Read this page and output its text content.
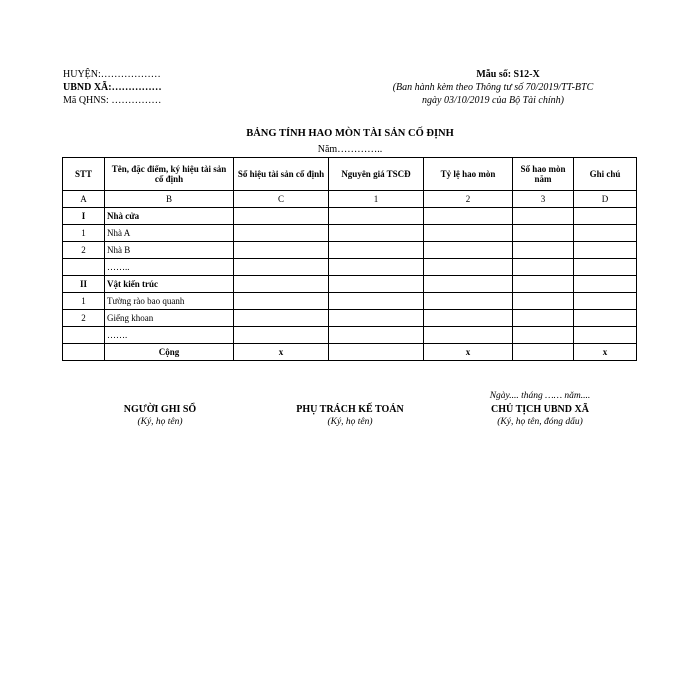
HUYỆN:………………
UBND XÃ:……………
Mã QHNS: ……………
Mẫu số: S12-X
(Ban hành kèm theo Thông tư số 70/2019/TT-BTC
ngày 03/10/2019 của Bộ Tài chính)
BẢNG TÍNH HAO MÒN TÀI SẢN CỐ ĐỊNH
Năm…………..
STT	Tên, đặc điểm, ký hiệu tài sản cố định	Số hiệu tài sản cố định	Nguyên giá TSCĐ	Tỷ lệ hao mòn	Số hao mòn năm	Ghi chú
A	B	C	1	2	3	D
I	Nhà cửa					
1	Nhà A					
2	Nhà B					
	……..					
II	Vật kiến trúc					
1	Tường rào bao quanh					
2	Giếng khoan					
	…….					
	Cộng	x		x		x
NGƯỜI GHI SỔ
(Ký, họ tên)
PHỤ TRÁCH KẾ TOÁN
(Ký, họ tên)
Ngày.... tháng …… năm....
CHỦ TỊCH UBND XÃ
(Ký, họ tên, đóng dấu)
